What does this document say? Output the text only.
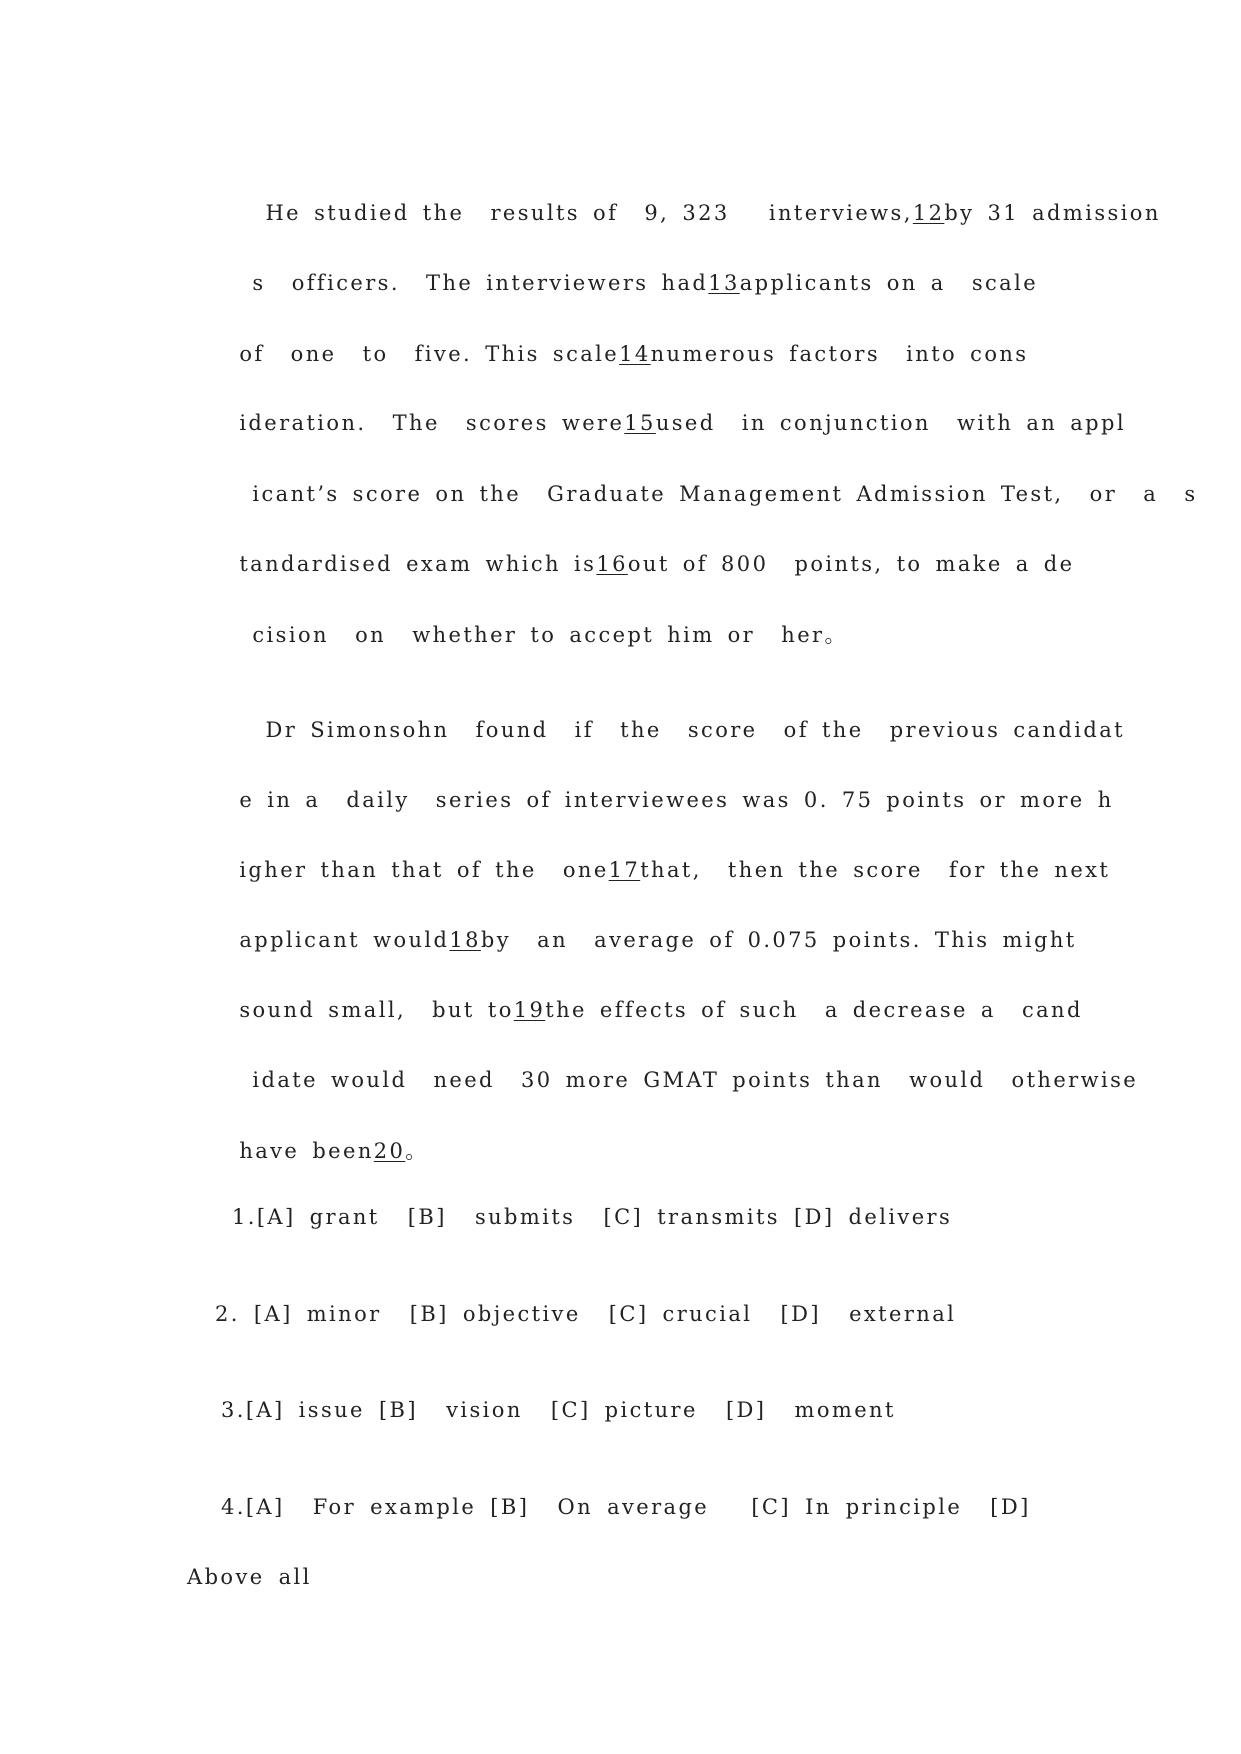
He studied the  results of  9, 323   interviews,12by 31 admission

s  officers.  The interviewers had13applicants on a  scale

of  one  to  five. This scale14numerous factors  into cons

ideration.  The  scores were15used  in conjunction  with an appl

icant’s score on the  Graduate Management Admission Test,  or  a  s

tandardised exam which is16out of 800  points, to make a de

cision  on  whether to accept him or  her。

Dr Simonsohn  found  if  the  score  of the  previous candidat

e in a  daily  series of interviewees was 0. 75 points or more h

igher than that of the  one17that,  then the score  for the next

applicant would18by  an  average of 0.075 points. This might

sound small,  but to19the effects of such  a decrease a  cand

idate would  need  30 more GMAT points than  would  otherwise

have been20。

1.[A] grant  [B]  submits  [C] transmits [D] delivers
2. [A] minor  [B] objective  [C] crucial  [D]  external
3.[A] issue [B]  vision  [C] picture  [D]  moment
4.[A]  For example [B]  On average   [C] In principle  [D]
Above all
